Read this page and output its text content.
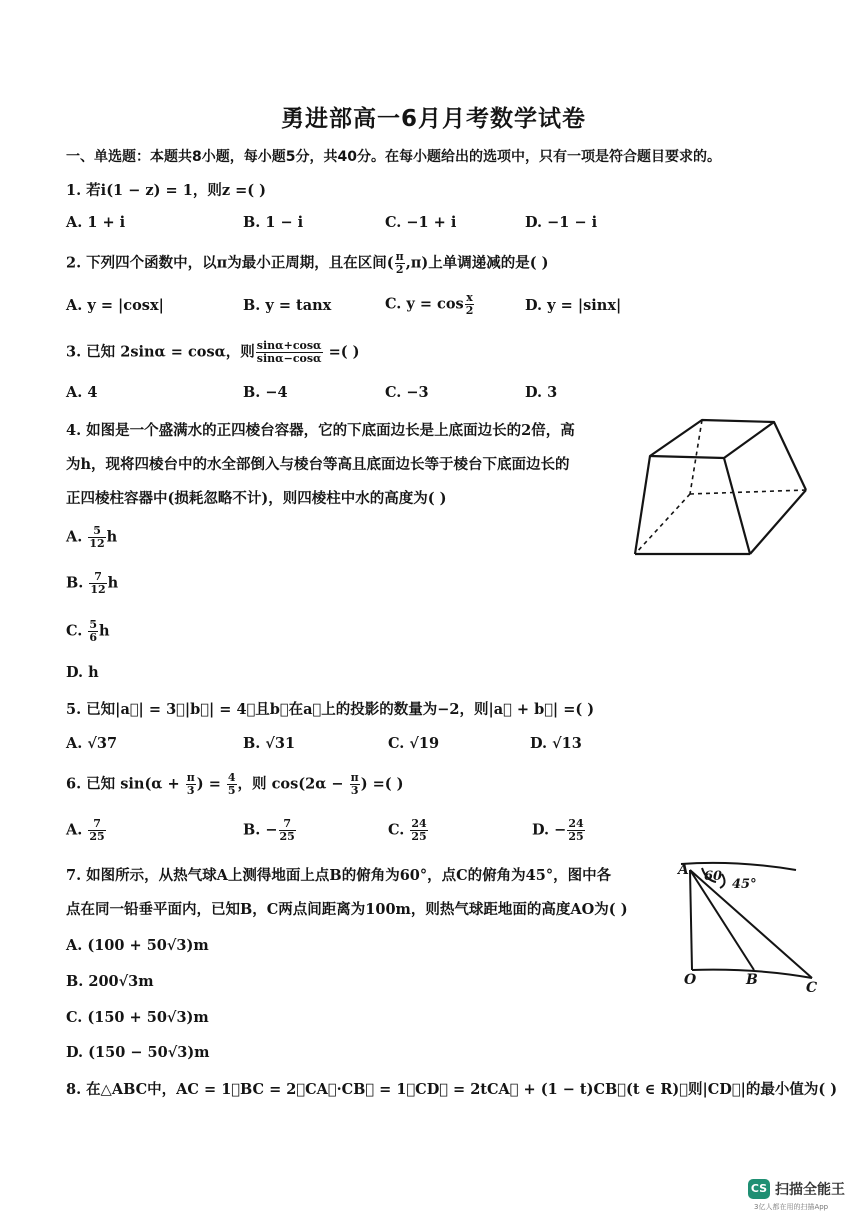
勇进部高一6月月考数学试卷
一、单选题：本题共8小题，每小题5分，共40分。在每小题给出的选项中，只有一项是符合题目要求的。
1. 若i(1 − z) = 1，则z =( )
A. 1 + i	B. 1 − i	C. −1 + i	D. −1 − i
2. 下列四个函数中，以π为最小正周期，且在区间( $\frac{\pi}{2} ,\pi$)上单调递减的是( )
A. y = |cosx|	B. y = tanx	C. $y = \cos \frac{x}{2}$	D. y = |sinx|
3. 已知 2sinα = cosα，则 $\frac{\sin\alpha+\cos\alpha}{\sin\alpha-\cos\alpha}$ =( )
A. 4	B. −4	C. −3	D. 3
4. 如图是一个盛满水的正四棱台容器，它的下底面边长是上底面边长的2倍，高
为h，现将四棱台中的水全部倒入与棱台等高且底面边长等于棱台下底面边长的
正四棱柱容器中(损耗忽略不计)，则四棱柱中水的高度为( )
A. $\frac{5}{12}$ h
B. $\frac{7}{12}$ h
C. $\frac{5}{6}$ h
D. h
5. 已知|a⃗| = 3，|b⃗| = 4，且b⃗在a⃗上的投影的数量为−2，则|a⃗ + b⃗| =( )
A. √37	B. √31	C. √19	D. √13
6. 已知 $\sin(\alpha + \frac{\pi}{3}$ ) = $\frac{4}{5}$ ，则 $\cos(2\alpha - \frac{\pi}{3}$ ) =( )
A. $\frac{7}{25}$	B. − $\frac{7}{25}$	C. $\frac{24}{25}$	D. − $\frac{24}{25}$
7. 如图所示，从热气球A上测得地面上点B的俯角为60°，点C的俯角为45°，图中各
点在同一铅垂平面内，已知B，C两点间距离为100m，则热气球距地面的高度AO为( )
A. (100 + 50√3)m
B. 200√3m
C. (150 + 50√3)m
D. (150 − 50√3)m
A 60
45°
O	B	C
8. 在△ABC中，AC = 1，BC = 2，CA⃗·CB⃗ = 1，CD⃗ = 2tCA⃗ + (1 − t)CB⃗(t ∈ R)，则|CD⃗|的最小值为( )
CS 扫描全能王
3亿人都在用的扫描App
